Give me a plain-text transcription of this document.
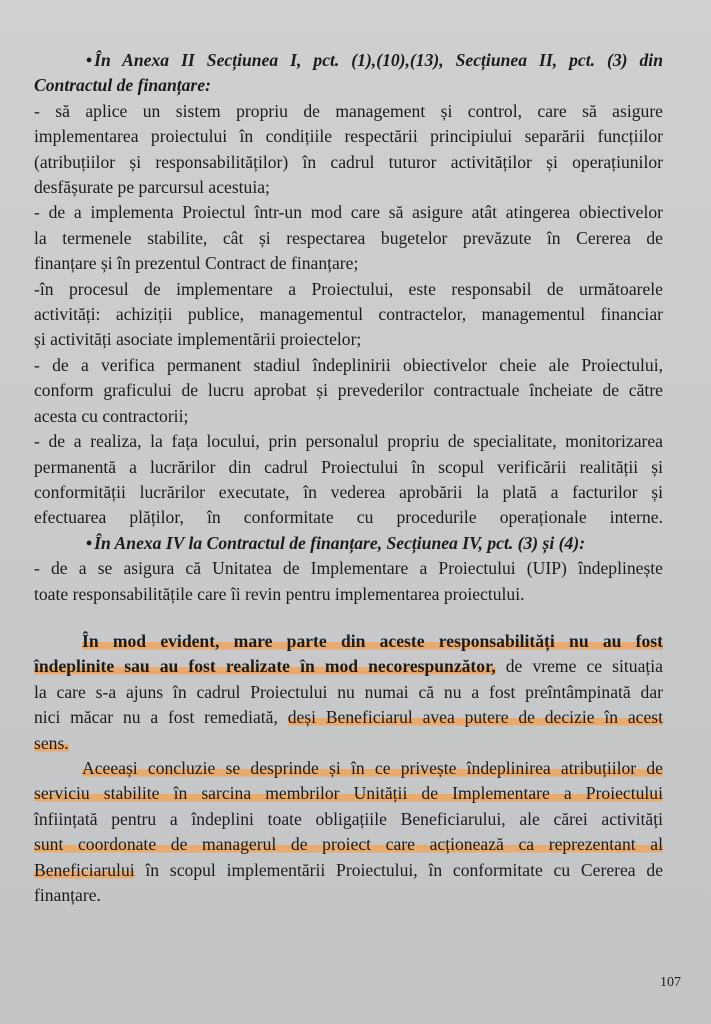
• În Anexa II Secțiunea I, pct. (1),(10),(13), Secțiunea II, pct. (3) din
Contractul de finanțare:
- să aplice un sistem propriu de management și control, care să asigure
implementarea proiectului în condițiile respectării principiului separării funcțiilor
(atribuțiilor și responsabilităților) în cadrul tuturor activităților și operațiunilor
desfășurate pe parcursul acestuia;
- de a implementa Proiectul într-un mod care să asigure atât atingerea obiectivelor
la termenele stabilite, cât și respectarea bugetelor prevăzute în Cererea de
finanțare și în prezentul Contract de finanțare;
-în procesul de implementare a Proiectului, este responsabil de următoarele
activități: achiziții publice, managementul contractelor, managementul financiar
și activități asociate implementării proiectelor;
- de a verifica permanent stadiul îndeplinirii obiectivelor cheie ale Proiectului,
conform graficului de lucru aprobat și prevederilor contractuale încheiate de către
acesta cu contractorii;
- de a realiza, la fața locului, prin personalul propriu de specialitate, monitorizarea
permanentă a lucrărilor din cadrul Proiectului în scopul verificării realității și
conformității lucrărilor executate, în vederea aprobării la plată a facturilor și
efectuarea plăților, în conformitate cu procedurile operaționale interne.
• În Anexa IV la Contractul de finanțare, Secțiunea IV, pct. (3) și (4):
- de a se asigura că Unitatea de Implementare a Proiectului (UIP) îndeplinește
toate responsabilitățile care îi revin pentru implementarea proiectului.
În mod evident, mare parte din aceste responsabilități nu au fost
îndeplinite sau au fost realizate în mod necorespunzător, de vreme ce situația
la care s-a ajuns în cadrul Proiectului nu numai că nu a fost preîntâmpinată dar
nici măcar nu a fost remediată, deși Beneficiarul avea putere de decizie în acest
sens.
Aceeași concluzie se desprinde și în ce privește îndeplinirea atribuțiilor de
serviciu stabilite în sarcina membrilor Unității de Implementare a Proiectului
înființată pentru a îndeplini toate obligațiile Beneficiarului, ale cărei activități
sunt coordonate de managerul de proiect care acționează ca reprezentant al
Beneficiarului în scopul implementării Proiectului, în conformitate cu Cererea de
finanțare.
107
